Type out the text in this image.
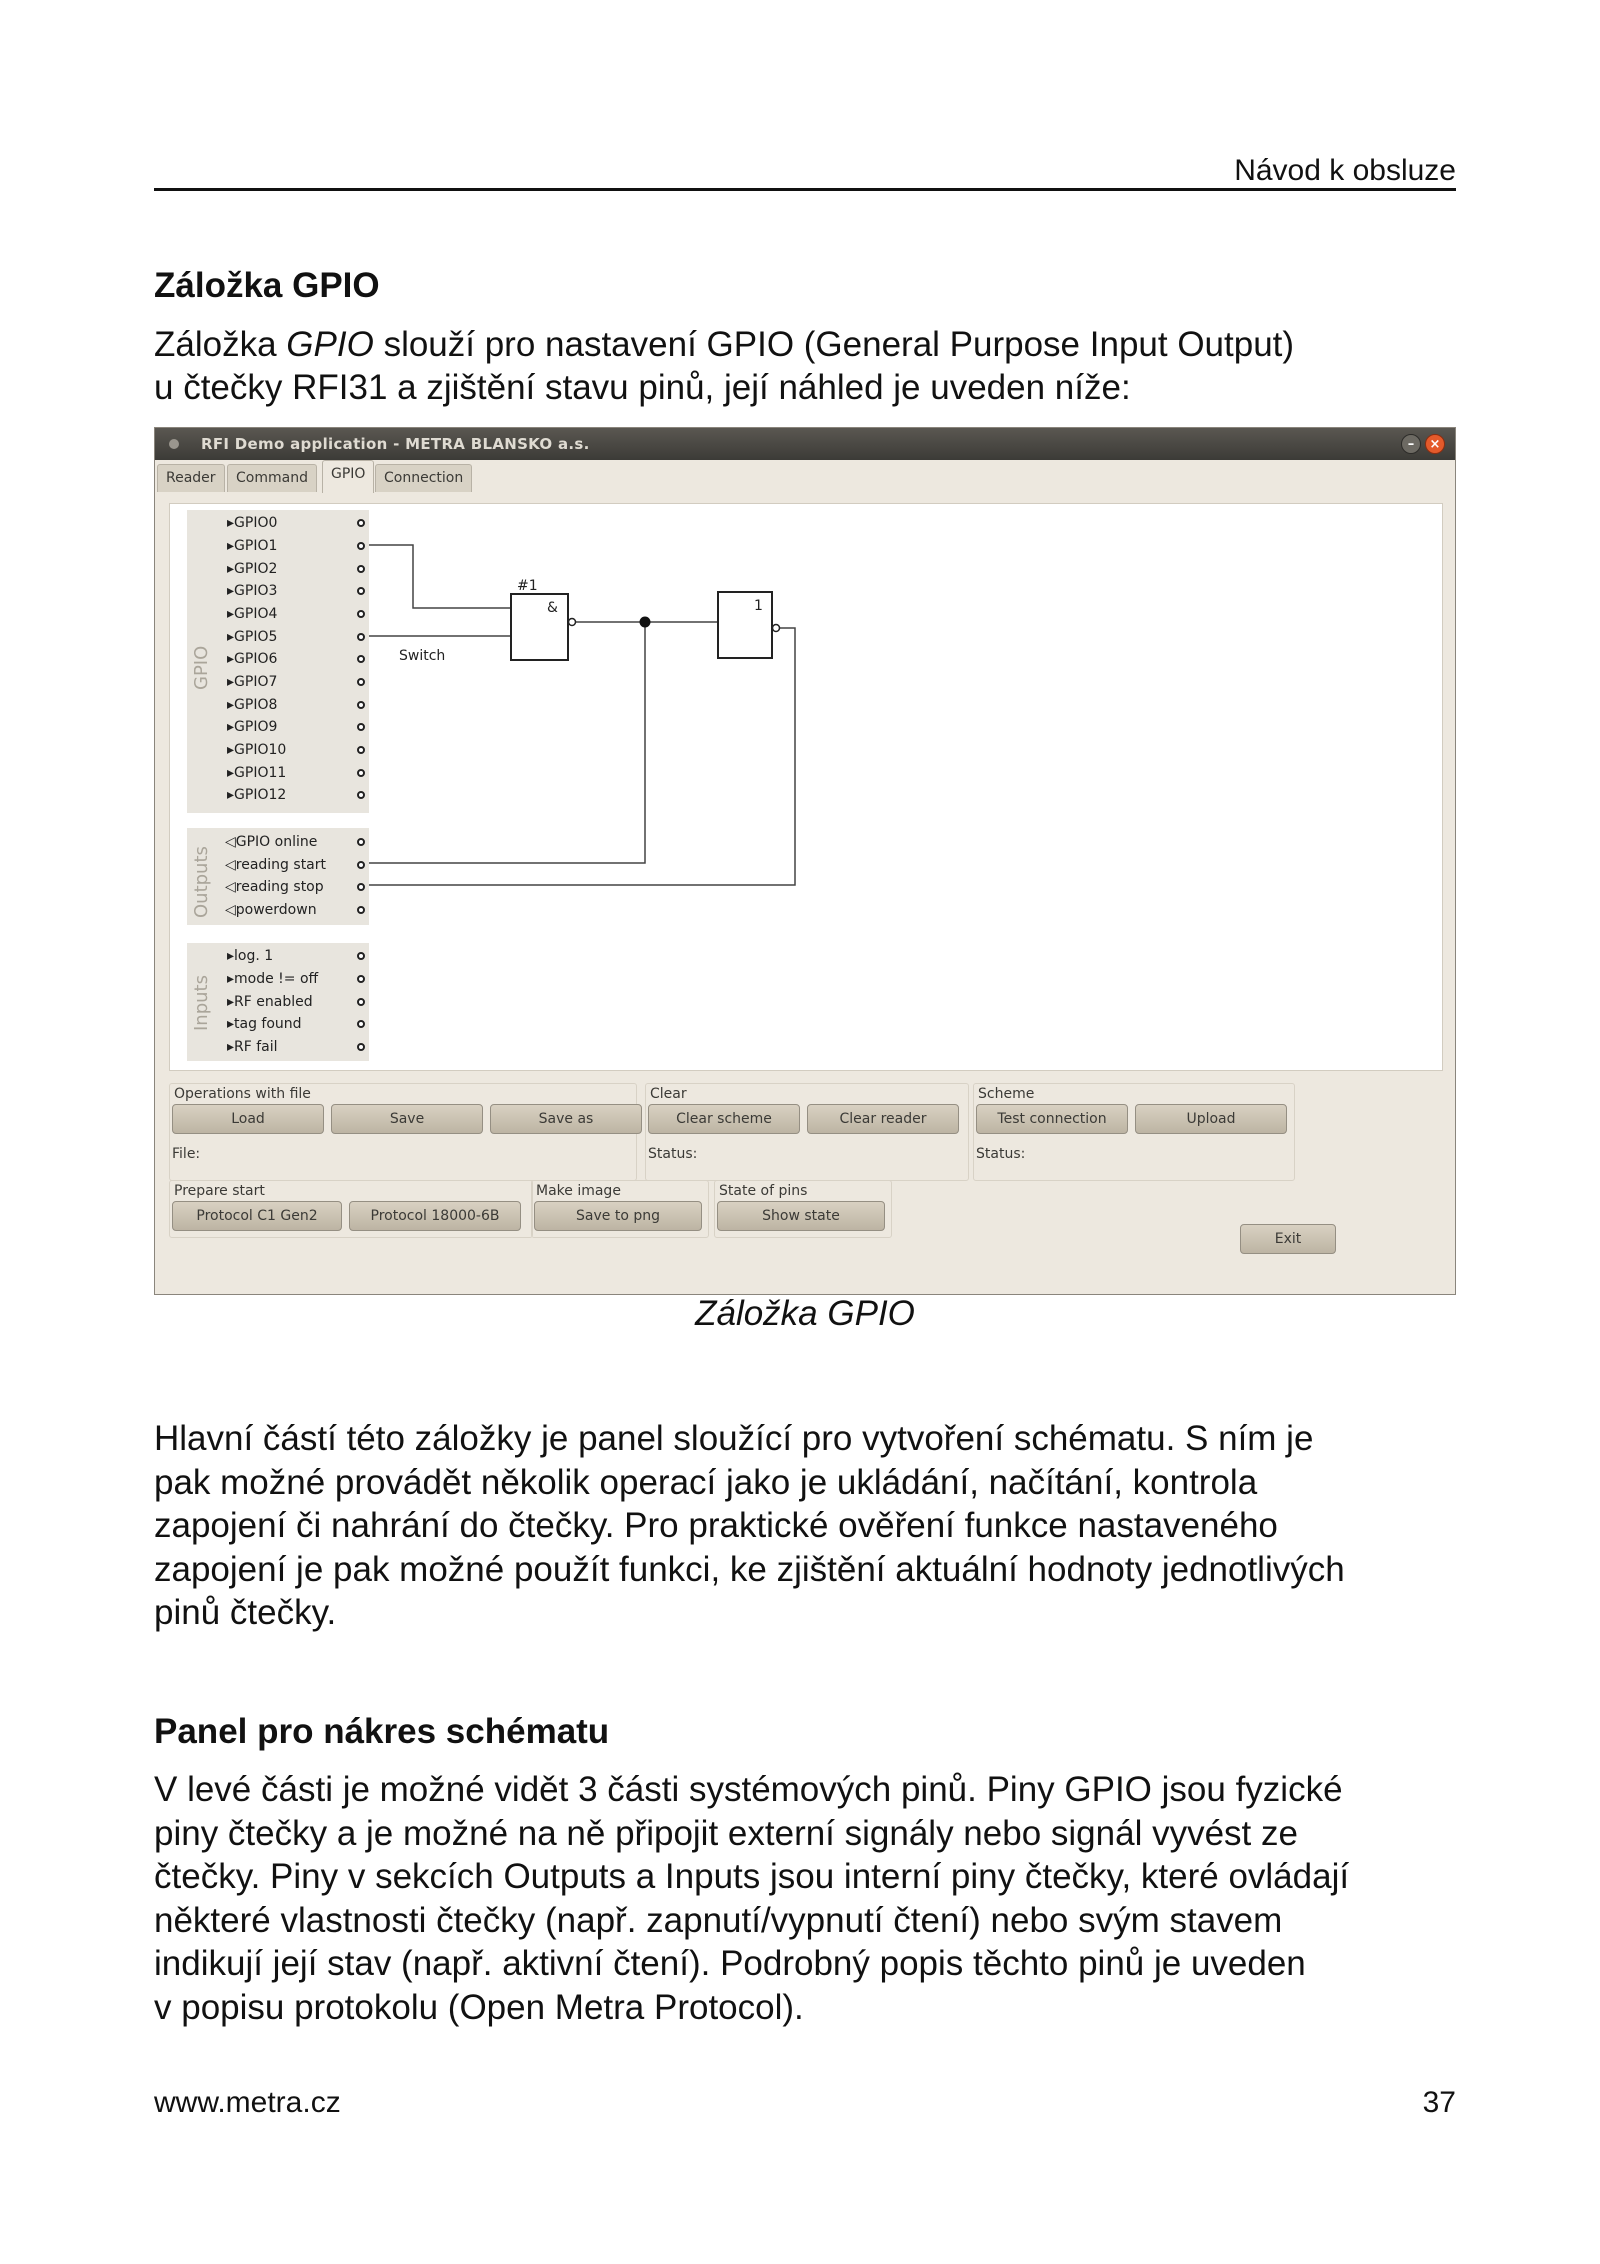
Návod k obsluze
Záložka GPIO
Záložka GPIO slouží pro nastavení GPIO (General Purpose Input Output)
u čtečky RFI31 a zjištění stavu pinů, její náhled je uveden níže:
RFI Demo application - METRA BLANSKO a.s.	–	×
Reader	Command	GPIO	Connection
GPIO
▸GPIO0
▸GPIO1
▸GPIO2
▸GPIO3
▸GPIO4
▸GPIO5
▸GPIO6
▸GPIO7
▸GPIO8
▸GPIO9
▸GPIO10
▸GPIO11
▸GPIO12
Outputs
◁GPIO online
◁reading start
◁reading stop
◁powerdown
Inputs
▸log. 1
▸mode != off
▸RF enabled
▸tag found
▸RF fail
#1
&	1
Switch
Operations with file
Load	Save	Save as
File:
Clear
Clear scheme	Clear reader
Status:
Scheme
Test connection	Upload
Status:
Prepare start
Protocol C1 Gen2	Protocol 18000-6B
Make image
Save to png
State of pins
Show state
Exit
Záložka GPIO
Hlavní částí této záložky je panel sloužící pro vytvoření schématu. S ním je
pak možné provádět několik operací jako je ukládání, načítání, kontrola
zapojení či nahrání do čtečky. Pro praktické ověření funkce nastaveného
zapojení je pak možné použít funkci, ke zjištění aktuální hodnoty jednotlivých
pinů čtečky.
Panel pro nákres schématu
V levé části je možné vidět 3 části systémových pinů. Piny GPIO jsou fyzické
piny čtečky a je možné na ně připojit externí signály nebo signál vyvést ze
čtečky. Piny v sekcích Outputs a Inputs jsou interní piny čtečky, které ovládají
některé vlastnosti čtečky (např. zapnutí/vypnutí čtení) nebo svým stavem
indikují její stav (např. aktivní čtení). Podrobný popis těchto pinů je uveden
v popisu protokolu (Open Metra Protocol).
www.metra.cz	37
